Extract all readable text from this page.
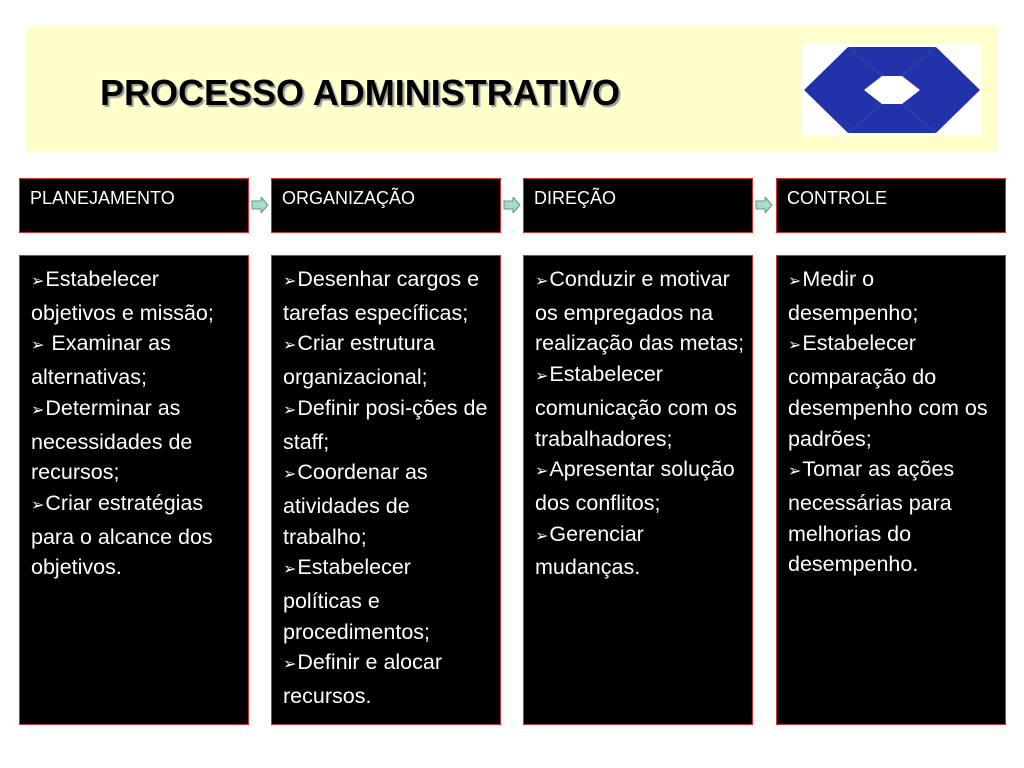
PROCESSO ADMINISTRATIVO
PLANEJAMENTO
➢Estabelecer objetivos e missão;
➢ Examinar as alternativas;
➢Determinar as necessidades de recursos;
➢Criar estratégias para o alcance dos objetivos.
ORGANIZAÇÃO
➢Desenhar cargos e tarefas específicas;
➢Criar estrutura organizacional;
➢Definir posi-ções de staff;
➢Coordenar as atividades de trabalho;
➢Estabelecer políticas e procedimentos;
➢Definir e alocar recursos.
DIREÇÃO
➢Conduzir e motivar os empregados na realização das metas;
➢Estabelecer comunicação com os trabalhadores;
➢Apresentar solução dos conflitos;
➢Gerenciar mudanças.
CONTROLE
➢Medir o desempenho;
➢Estabelecer comparação do desempenho com os padrões;
➢Tomar as ações necessárias para melhorias do desempenho.
